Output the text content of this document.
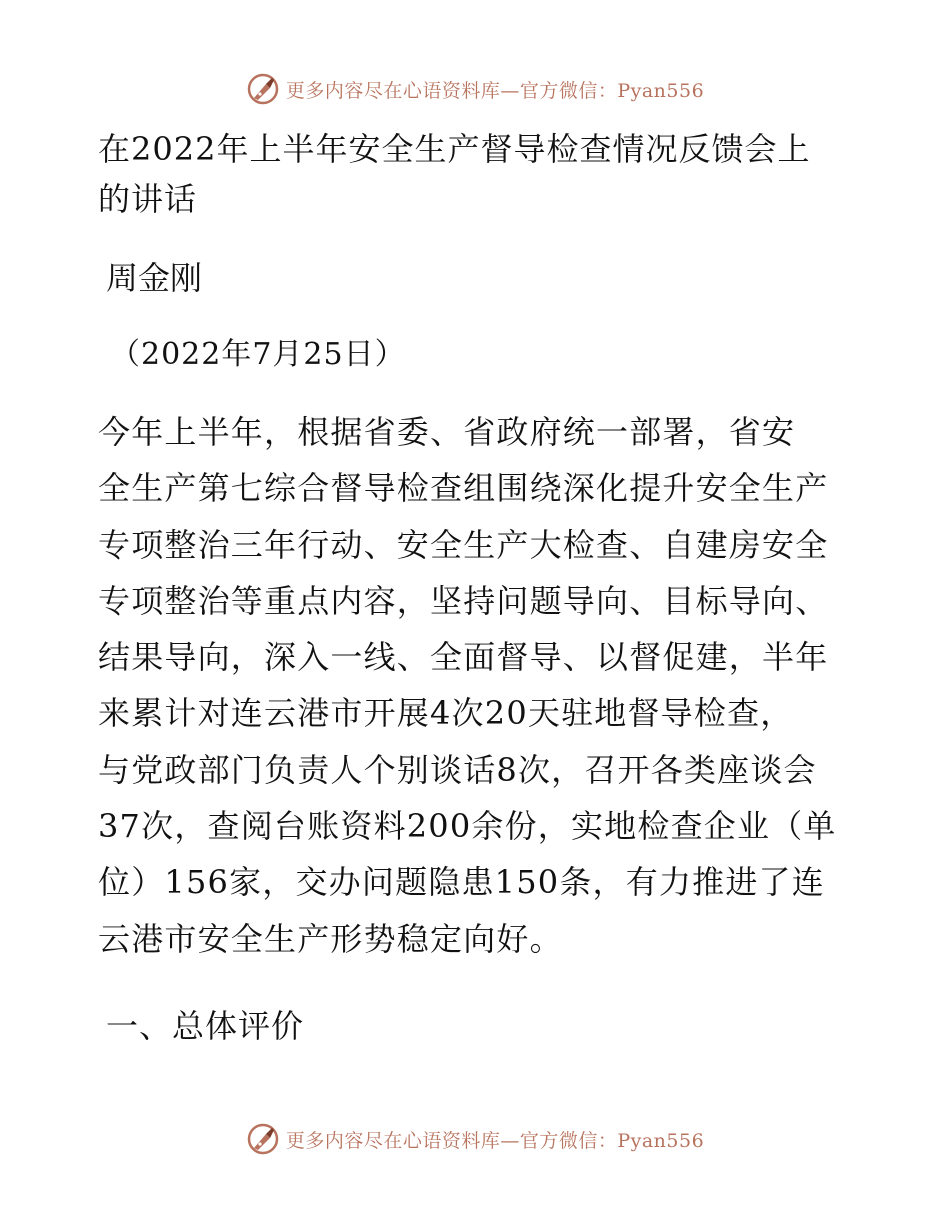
更多内容尽在心语资料库—官方微信：Pyan556
在2022年上半年安全生产督导检查情况反馈会上
的讲话

周金刚

（2022年7月25日）

今年上半年，根据省委、省政府统一部署，省安
全生产第七综合督导检查组围绕深化提升安全生产
专项整治三年行动、安全生产大检查、自建房安全
专项整治等重点内容，坚持问题导向、目标导向、
结果导向，深入一线、全面督导、以督促建，半年
来累计对连云港市开展4次20天驻地督导检查，
与党政部门负责人个别谈话8次，召开各类座谈会
37次，查阅台账资料200余份，实地检查企业（单
位）156家，交办问题隐患150条，有力推进了连
云港市安全生产形势稳定向好。

一、总体评价
更多内容尽在心语资料库—官方微信：Pyan556
